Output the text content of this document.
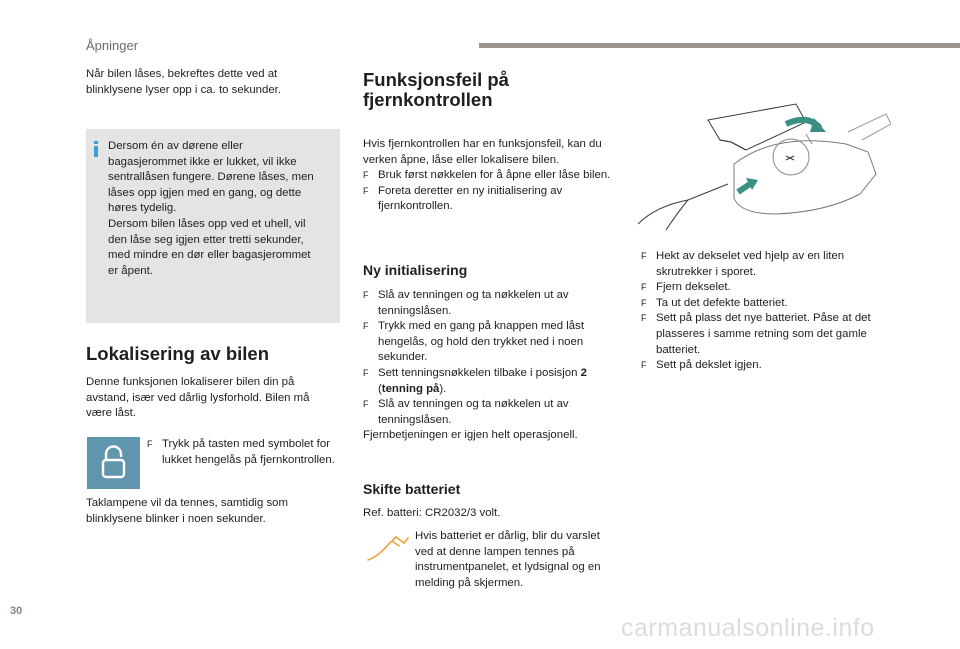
Åpninger

Når bilen låses, bekreftes dette ved at blinklysene lyser opp i ca. to sekunder.

Dersom én av dørene eller
bagasjerommet ikke er lukket, vil ikke
sentrallåsen fungere. Dørene låses, men
låses opp igjen med en gang, og dette
høres tydelig.
Dersom bilen låses opp ved et uhell, vil
den låse seg igjen etter tretti sekunder,
med mindre en dør eller bagasjerommet
er åpent.
Lokalisering av bilen

Denne funksjonen lokaliserer bilen din på avstand, især ved dårlig lysforhold. Bilen må være låst.

F Trykk på tasten med symbolet for lukket hengelås på fjernkontrollen.

Taklampene vil da tennes, samtidig som blinklysene blinker i noen sekunder.

Funksjonsfeil på
fjernkontrollen

Hvis fjernkontrollen har en funksjonsfeil, kan du verken åpne, låse eller lokalisere bilen.

F Bruk først nøkkelen for å åpne eller låse bilen.
F Foreta deretter en ny initialisering av fjernkontrollen.
Ny initialisering
F Slå av tenningen og ta nøkkelen ut av tenningslåsen.
F Trykk med en gang på knappen med låst hengelås, og hold den trykket ned i noen sekunder.
F Sett tenningsnøkkelen tilbake i posisjon 2
(tenning på).
F Slå av tenningen og ta nøkkelen ut av tenningslåsen.
Fjernbetjeningen er igjen helt operasjonell.
Skifte batteriet

Ref. batteri: CR2032/3 volt.

Hvis batteriet er dårlig, blir du varslet ved at denne lampen tennes på instrumentpanelet, et lydsignal og en melding på skjermen.

F Hekt av dekselet ved hjelp av en liten skrutrekker i sporet.
F Fjern dekselet.
F Ta ut det defekte batteriet.
F Sett på plass det nye batteriet. Påse at det plasseres i samme retning som det gamle batteriet.
F Sett på dekslet igjen.
30
carmanualsonline.info
